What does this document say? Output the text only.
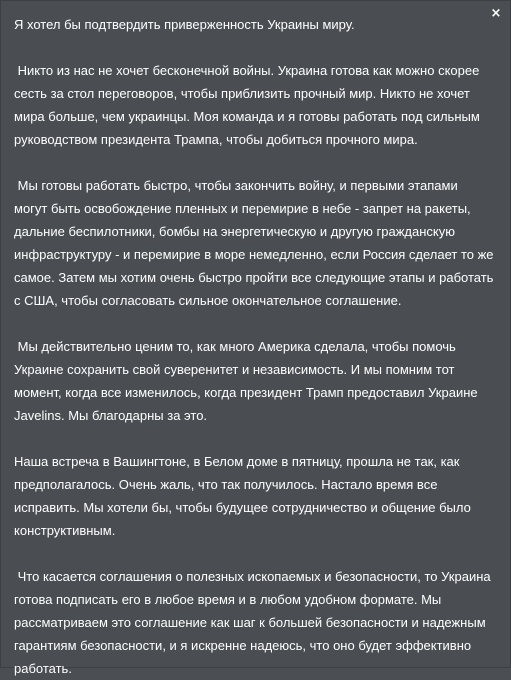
×

Я хотел бы подтвердить приверженность Украины миру.

Никто из нас не хочет бесконечной войны. Украина готова как можно скорее сесть за стол переговоров, чтобы приблизить прочный мир. Никто не хочет мира больше, чем украинцы. Моя команда и я готовы работать под сильным руководством президента Трампа, чтобы добиться прочного мира.

Мы готовы работать быстро, чтобы закончить войну, и первыми этапами могут быть освобождение пленных и перемирие в небе - запрет на ракеты, дальние беспилотники, бомбы на энергетическую и другую гражданскую инфраструктуру - и перемирие в море немедленно, если Россия сделает то же самое. Затем мы хотим очень быстро пройти все следующие этапы и работать с США, чтобы согласовать сильное окончательное соглашение.

Мы действительно ценим то, как много Америка сделала, чтобы помочь Украине сохранить свой суверенитет и независимость. И мы помним тот момент, когда все изменилось, когда президент Трамп предоставил Украине Javelins. Мы благодарны за это.

Наша встреча в Вашингтоне, в Белом доме в пятницу, прошла не так, как предполагалось. Очень жаль, что так получилось. Настало время все исправить. Мы хотели бы, чтобы будущее сотрудничество и общение было конструктивным.

Что касается соглашения о полезных ископаемых и безопасности, то Украина готова подписать его в любое время и в любом удобном формате. Мы рассматриваем это соглашение как шаг к большей безопасности и надежным гарантиям безопасности, и я искренне надеюсь, что оно будет эффективно работать.
